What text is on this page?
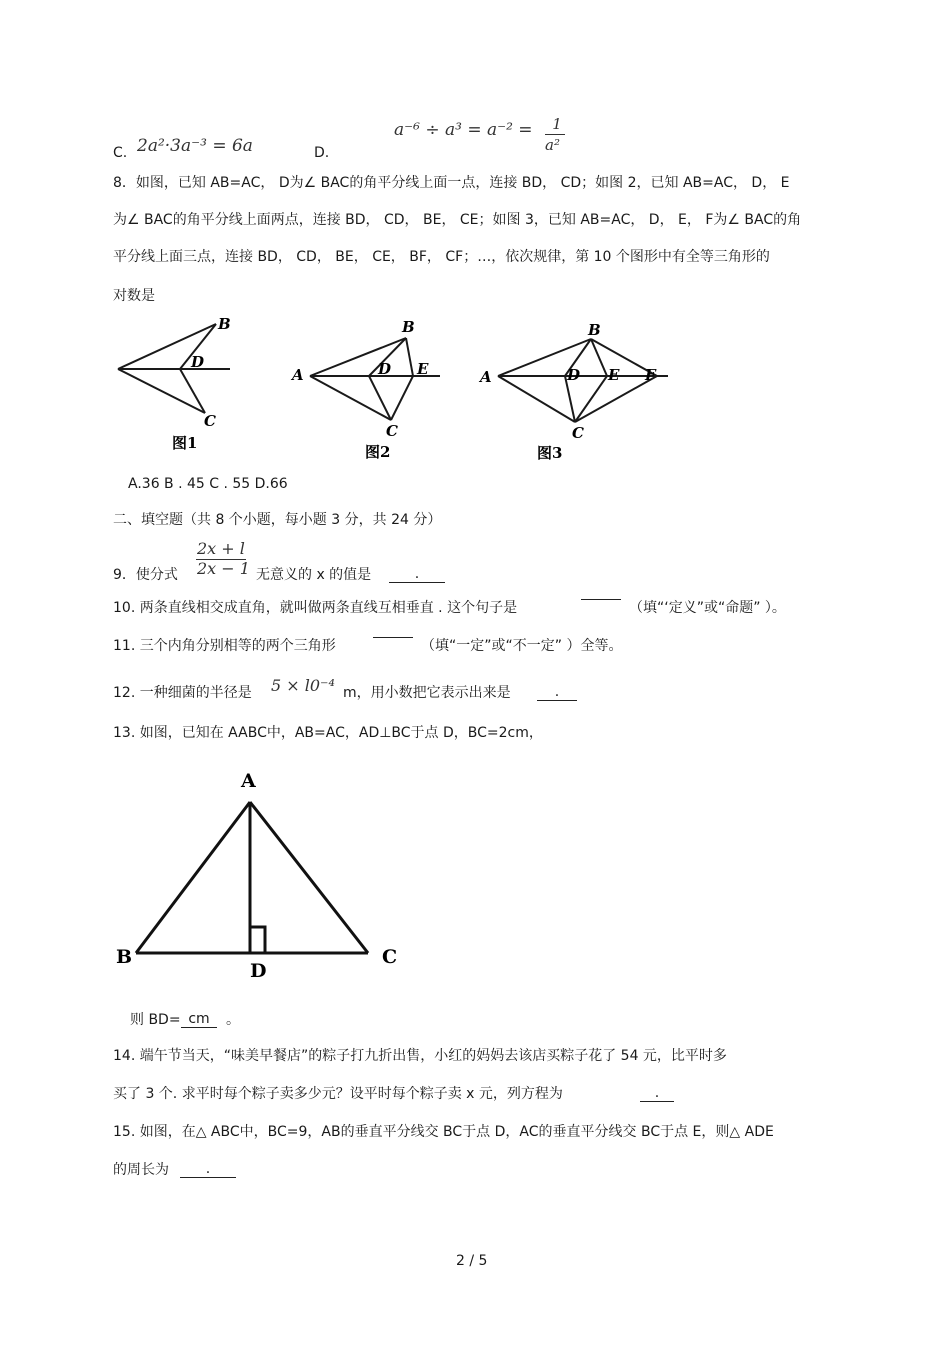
C. 2a²·3a⁻³ = 6a	D.
a⁻⁶ ÷ a³ = a⁻² = 1
a²
8．如图，已知 AB=AC， D为∠ BAC的角平分线上面一点，连接 BD， CD；如图 2，已知 AB=AC， D， E
为∠ BAC的角平分线上面两点，连接 BD， CD， BE， CE；如图 3，已知 AB=AC， D， E， F为∠ BAC的角
平分线上面三点，连接 BD， CD， BE， CE， BF， CF；…，依次规律，第 10 个图形中有全等三角形的
对数是
B
D
C
图1
A
B
D E
C
图2
A
B
D E F
C
图3
A.36 B . 45 C . 55 D.66
二、填空题（共 8 个小题，每小题 3 分，共 24 分）
9．使分式
2x + l
2x − 1 无意义的 x 的值是	.
10. 两条直线相交成直角，就叫做两条直线互相垂直 . 这个句子是	（填“‘定义”或“命题” ）。
11. 三个内角分别相等的两个三角形	（填“一定”或“不一定” ）全等。
12. 一种细菌的半径是 5 × l0⁻⁴ m，用小数把它表示出来是	.
13. 如图，已知在 AABC中，AB=AC，AD⊥BC于点 D，BC=2cm，
A
B	C
D
则 BD= cm	。
14. 端午节当天，“味美早餐店”的粽子打九折出售，小红的妈妈去该店买粽子花了 54 元，比平时多
买了 3 个. 求平时每个粽子卖多少元？设平时每个粽子卖 x 元，列方程为	.
15. 如图，在△ ABC中，BC=9，AB的垂直平分线交 BC于点 D，AC的垂直平分线交 BC于点 E，则△ ADE
的周长为	.
2 / 5
